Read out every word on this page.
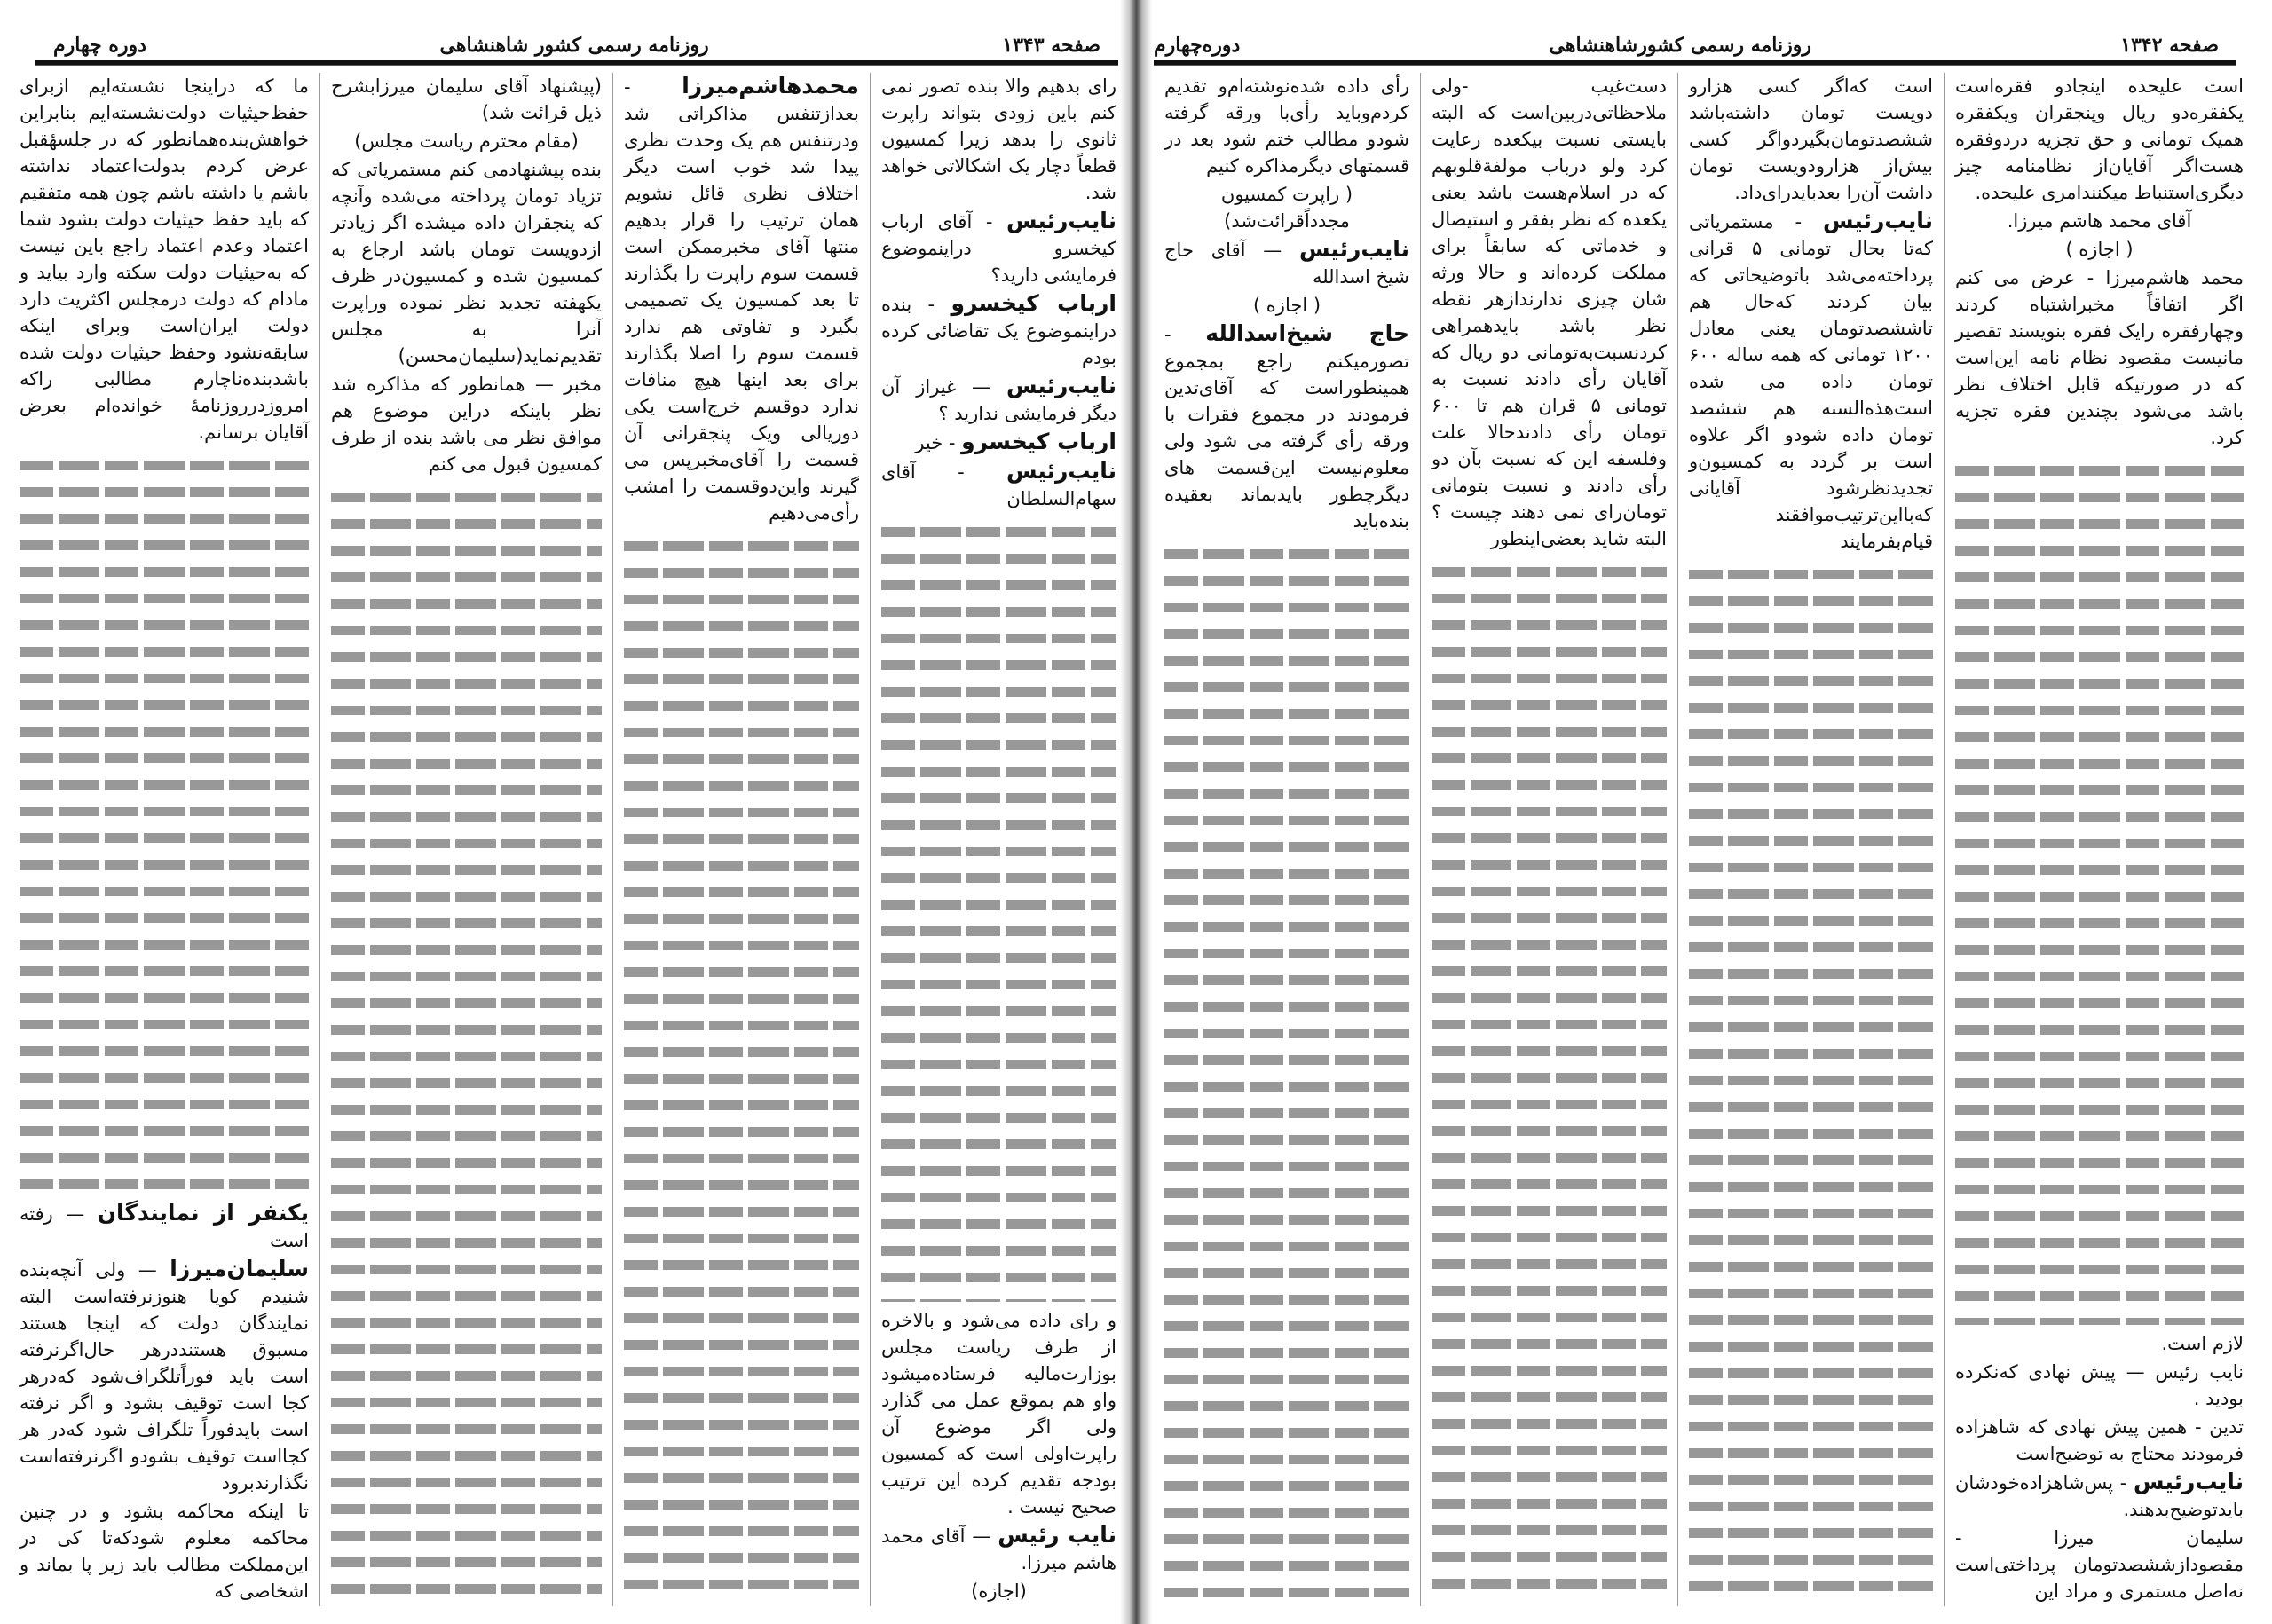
صفحه ۱۳۴۳
روزنامه رسمی کشور شاهنشاهی
دوره چهارم

رای بدهیم والا بنده تصور نمی کنم باین زودی بتواند راپرت ثانوی را بدهد زیرا کمسیون قطعاً دچار یک اشکالاتی خواهد شد.

نایب‌رئیس - آقای ارباب کیخسرو دراینموضوع فرمایشی دارید؟

ارباب کیخسرو - بنده دراینموضوع یک تقاضائی کرده بودم

نایب‌رئیس — غیراز آن دیگر فرمایشی ندارید ؟

ارباب کیخسرو - خیر

نایب‌رئیس - آقای سهام‌السلطان

و رای داده می‌شود و بالاخره از طرف ریاست مجلس بوزارت‌مالیه فرستاده‌میشود واو هم بموقع عمل می گذارد ولی اگر موضوع آن راپرت‌اولی است که کمسیون بودجه تقدیم کرده این ترتیب صحیح نیست .

نایب رئیس — آقای محمد هاشم میرزا.

(اجازه)

محمدهاشم‌میرزا - بعدازتنفس مذاکراتی شد ودرتنفس هم یک وحدت نظری پیدا شد خوب است دیگر اختلاف نظری قائل نشویم همان ترتیب را قرار بدهیم منتها آقای مخبرممکن است قسمت سوم راپرت را بگذارند تا بعد کمسیون یک تصمیمی بگیرد و تفاوتی هم ندارد قسمت سوم را اصلا بگذارند برای بعد اینها هیچ منافات ندارد دوقسم خرج‌است یکی دوریالی ویک پنجقرانی آن قسمت را آقای‌مخبرپس می گیرند واین‌دوقسمت را امشب رأی‌می‌دهیم

(پیشنهاد آقای سلیمان میرزابشرح ذیل قرائت شد)

(مقام محترم ریاست مجلس)

بنده پیشنهادمی کنم مستمریاتی که تزیاد تومان پرداخته می‌شده وآنچه که پنجقران داده میشده اگر زیادتر ازدویست تومان باشد ارجاع به کمسیون شده و کمسیون‌در ظرف یکهفته تجدید نظر نموده وراپرت آنرا به مجلس تقدیم‌نماید(سلیمان‌محسن)

مخبر — همانطور که مذاکره شد نظر باینکه دراین موضوع هم موافق نظر می باشد بنده از طرف کمسیون قبول می کنم

ما که دراینجا نشسته‌ایم ازبرای حفظ‌حیثیات دولت‌نشسته‌ایم بنابراین خواهش‌بنده‌همانطور که در جلسهٔقبل عرض کردم بدولت‌اعتماد نداشته باشم یا داشته باشم چون همه متفقیم که باید حفظ حیثیات دولت بشود شما اعتماد وعدم اعتماد راجع باین نیست که به‌حیثیات دولت سکته وارد بیاید و مادام که دولت درمجلس اکثریت دارد دولت ایران‌است وبرای اینکه سابقه‌نشود وحفظ حیثیات دولت شده باشدبنده‌ناچارم مطالبی راکه امروزدرروزنامهٔ خوانده‌ام بعرض آقایان برسانم.

یکنفر از نمایندگان — رفته است

سلیمان‌میرزا — ولی آنچه‌بنده شنیدم کویا هنوزنرفته‌است البته نمایندگان دولت که اینجا هستند مسبوق هستنددرهر حال‌اگرنرفته است باید فوراًتلگراف‌شود که‌درهر کجا است توقیف بشود و اگر نرفته است بایدفوراً تلگراف شود که‌در هر کجااست توقیف بشودو اگرنرفته‌است نگذارندبرود

تا اینکه محاکمه بشود و در چنین محاکمه معلوم شودکه‌تا کی در این‌مملکت مطالب باید زیر پا بماند و اشخاصی که

صفحه ۱۳۴۲
روزنامه رسمی کشورشاهنشاهی
دوره‌چهارم

است علیحده اینجادو فقره‌است یکفقره‌دو ریال وپنجقران ویکفقره همیک تومانی و حق تجزیه دردوفقره هست‌اگر آقایان‌از نظامنامه چیز دیگری‌استنباط میکنندامری علیحده.

آقای محمد هاشم میرزا.

( اجازه )

محمد هاشم‌میرزا - عرض می کنم اگر اتفاقاً مخبراشتباه کردند وچهارفقره رایک فقره بنویسند تقصیر مانیست مقصود نظام نامه این‌است که در صورتیکه قابل اختلاف نظر باشد می‌شود بچندین فقره تجزیه کرد.

لازم است.

نایب رئیس — پیش نهادی که‌نکرده بودید .

تدین - همین پیش نهادی که شاهزاده فرمودند محتاج به توضیح‌است

نایب‌رئیس - پس‌شاهزاده‌خودشان بایدتوضیح‌بدهند.

سلیمان میرزا - مقصوداز‌ششصدتومان پرداختی‌است نه‌اصل مستمری و مراد این

است که‌اگر کسی هزارو دویست تومان داشته‌باشد ششصدتومان‌بگیردواگر کسی بیش‌از هزارودویست تومان داشت آن‌را بعدبایدرای‌داد.

نایب‌رئیس - مستمریاتی که‌تا بحال تومانی ۵ قرانی پرداخته‌می‌شد باتوضیحاتی که بیان کردند که‌حال هم تاششصدتومان یعنی معادل ۱۲۰۰ تومانی که همه ساله ۶۰۰ تومان داده می شده است‌هذه‌السنه هم ششصد تومان داده شودو اگر علاوه است بر گردد به کمسیون‌و تجدیدنظرشود آقایانی که‌بااین‌ترتیب‌موافقند قیام‌بفرمایند

دست‌غیب -ولی ملاحظاتی‌دربین‌است که البته بایستی نسبت بیکعده رعایت کرد ولو درباب مولفة‌قلوبهم که در اسلام‌هست باشد یعنی یکعده که نظر بفقر و استیصال و خدماتی که سابقاً برای مملکت کرده‌اند و حالا ورثه شان چیزی ندارندازهر نقطه نظر باشد بایدهمراهی کردنسبت‌به‌تومانی دو ریال که آقایان رأی دادند نسبت به تومانی ۵ قران هم تا ۶۰۰ تومان رأی دادندحالا علت وفلسفه این که نسبت بآن دو رأی دادند و نسبت بتومانی تومان‌رای نمی دهند چیست ؟البته شاید بعضی‌اینطور

رأی داده شده‌نوشته‌ام‌و تقدیم کردم‌وباید رأی‌با ورقه گرفته شودو مطالب ختم شود بعد در قسمتهای دیگرمذاکره کنیم

( راپرت کمسیون مجدداًقرائت‌شد)

نایب‌رئیس — آقای حاج شیخ اسدالله

( اجازه )

حاج شیخ‌اسدالله - تصورمیکنم راجع بمجموع همینطوراست که آقای‌تدین فرمودند در مجموع فقرات با ورقه رأی گرفته می شود ولی معلوم‌نیست این‌قسمت های دیگرچطور بایدبماند بعقیده بنده‌باید
